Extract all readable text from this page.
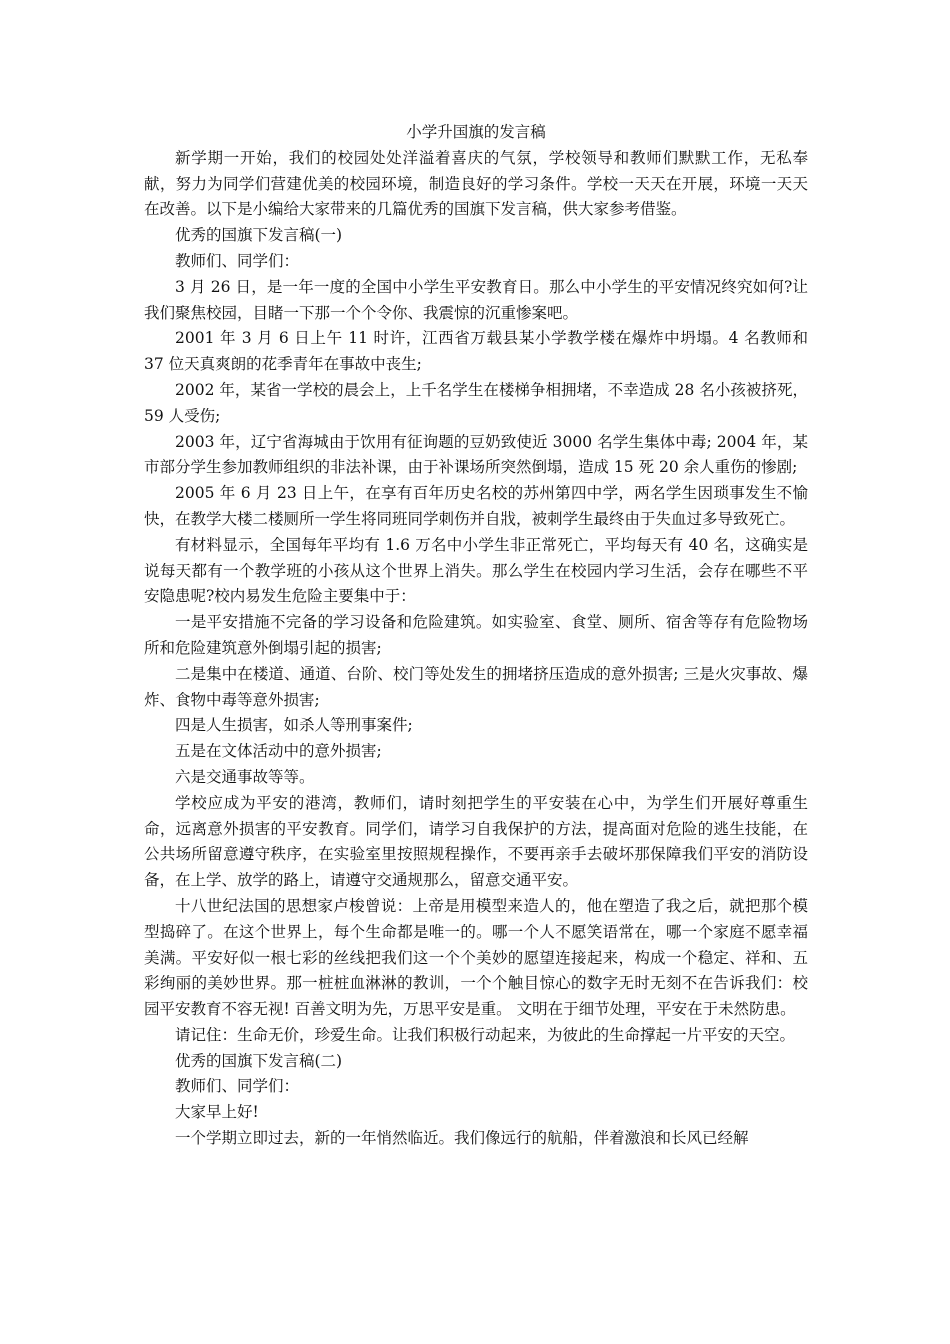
小学升国旗的发言稿

新学期一开始，我们的校园处处洋溢着喜庆的气氛，学校领导和教师们默默工作，无私奉献，努力为同学们营建优美的校园环境，制造良好的学习条件。学校一天天在开展，环境一天天在改善。以下是小编给大家带来的几篇优秀的国旗下发言稿，供大家参考借鉴。

优秀的国旗下发言稿(一)

教师们、同学们：

3 月 26 日，是一年一度的全国中小学生平安教育日。那么中小学生的平安情况终究如何?让我们聚焦校园，目睹一下那一个个令你、我震惊的沉重惨案吧。

2001 年 3 月 6 日上午 11 时许，江西省万载县某小学教学楼在爆炸中坍塌。4 名教师和 37 位天真爽朗的花季青年在事故中丧生;

2002 年，某省一学校的晨会上，上千名学生在楼梯争相拥堵，不幸造成 28 名小孩被挤死，59 人受伤;

2003 年，辽宁省海城由于饮用有征询题的豆奶致使近 3000 名学生集体中毒; 2004 年，某市部分学生参加教师组织的非法补课，由于补课场所突然倒塌，造成 15 死 20 余人重伤的惨剧;

2005 年 6 月 23 日上午，在享有百年历史名校的苏州第四中学，两名学生因琐事发生不愉快，在教学大楼二楼厕所一学生将同班同学刺伤并自戕，被刺学生最终由于失血过多导致死亡。

有材料显示，全国每年平均有 1.6 万名中小学生非正常死亡，平均每天有 40 名，这确实是说每天都有一个教学班的小孩从这个世界上消失。那么学生在校园内学习生活，会存在哪些不平安隐患呢?校内易发生危险主要集中于：

一是平安措施不完备的学习设备和危险建筑。如实验室、食堂、厕所、宿舍等存有危险物场所和危险建筑意外倒塌引起的损害;

二是集中在楼道、通道、台阶、校门等处发生的拥堵挤压造成的意外损害; 三是火灾事故、爆炸、食物中毒等意外损害;

四是人生损害，如杀人等刑事案件;

五是在文体活动中的意外损害;

六是交通事故等等。

学校应成为平安的港湾，教师们，请时刻把学生的平安装在心中，为学生们开展好尊重生命，远离意外损害的平安教育。同学们，请学习自我保护的方法，提高面对危险的逃生技能，在公共场所留意遵守秩序，在实验室里按照规程操作，不要再亲手去破坏那保障我们平安的消防设备，在上学、放学的路上，请遵守交通规那么，留意交通平安。

十八世纪法国的思想家卢梭曾说：上帝是用模型来造人的，他在塑造了我之后，就把那个模型捣碎了。在这个世界上，每个生命都是唯一的。哪一个人不愿笑语常在，哪一个家庭不愿幸福美满。平安好似一根七彩的丝线把我们这一个个美妙的愿望连接起来，构成一个稳定、祥和、五彩绚丽的美妙世界。那一桩桩血淋淋的教训，一个个触目惊心的数字无时无刻不在告诉我们：校园平安教育不容无视! 百善文明为先，万思平安是重。 文明在于细节处理，平安在于未然防患。

请记住：生命无价，珍爱生命。让我们积极行动起来，为彼此的生命撑起一片平安的天空。

优秀的国旗下发言稿(二)

教师们、同学们：

大家早上好!

一个学期立即过去，新的一年悄然临近。我们像远行的航船，伴着激浪和长风已经解
